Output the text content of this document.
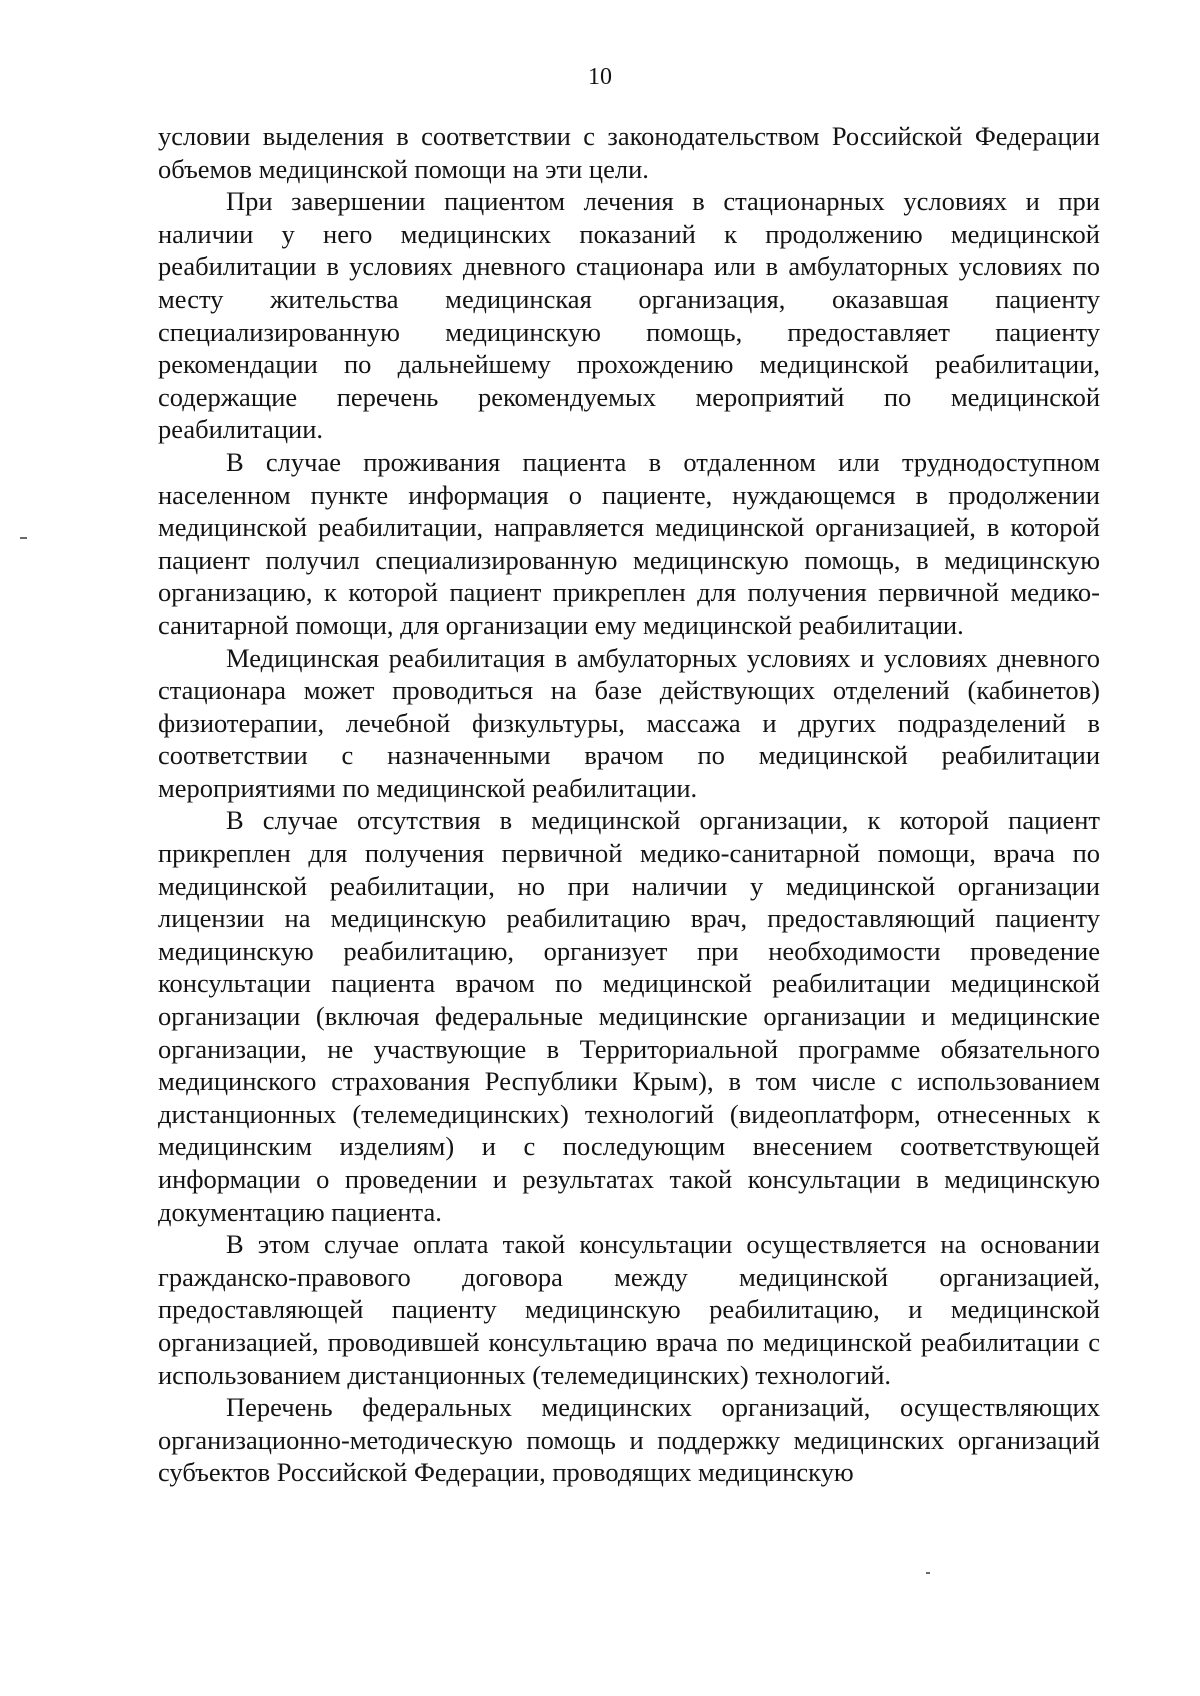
10

условии выделения в соответствии с законодательством Российской Федерации объемов медицинской помощи на эти цели.

При завершении пациентом лечения в стационарных условиях и при наличии у него медицинских показаний к продолжению медицинской реабилитации в условиях дневного стационара или в амбулаторных условиях по месту жительства медицинская организация, оказавшая пациенту специализированную медицинскую помощь, предоставляет пациенту рекомендации по дальнейшему прохождению медицинской реабилитации, содержащие перечень рекомендуемых мероприятий по медицинской реабилитации.

В случае проживания пациента в отдаленном или труднодоступном населенном пункте информация о пациенте, нуждающемся в продолжении медицинской реабилитации, направляется медицинской организацией, в которой пациент получил специализированную медицинскую помощь, в медицинскую организацию, к которой пациент прикреплен для получения первичной медико-санитарной помощи, для организации ему медицинской реабилитации.

Медицинская реабилитация в амбулаторных условиях и условиях дневного стационара может проводиться на базе действующих отделений (кабинетов) физиотерапии, лечебной физкультуры, массажа и других подразделений в соответствии с назначенными врачом по медицинской реабилитации мероприятиями по медицинской реабилитации.

В случае отсутствия в медицинской организации, к которой пациент прикреплен для получения первичной медико-санитарной помощи, врача по медицинской реабилитации, но при наличии у медицинской организации лицензии на медицинскую реабилитацию врач, предоставляющий пациенту медицинскую реабилитацию, организует при необходимости проведение консультации пациента врачом по медицинской реабилитации медицинской организации (включая федеральные медицинские организации и медицинские организации, не участвующие в Территориальной программе обязательного медицинского страхования Республики Крым), в том числе с использованием дистанционных (телемедицинских) технологий (видеоплатформ, отнесенных к медицинским изделиям) и с последующим внесением соответствующей информации о проведении и результатах такой консультации в медицинскую документацию пациента.

В этом случае оплата такой консультации осуществляется на основании гражданско-правового договора между медицинской организацией, предоставляющей пациенту медицинскую реабилитацию, и медицинской организацией, проводившей консультацию врача по медицинской реабилитации с использованием дистанционных (телемедицинских) технологий.

Перечень федеральных медицинских организаций, осуществляющих организационно-методическую помощь и поддержку медицинских организаций субъектов Российской Федерации, проводящих медицинскую
